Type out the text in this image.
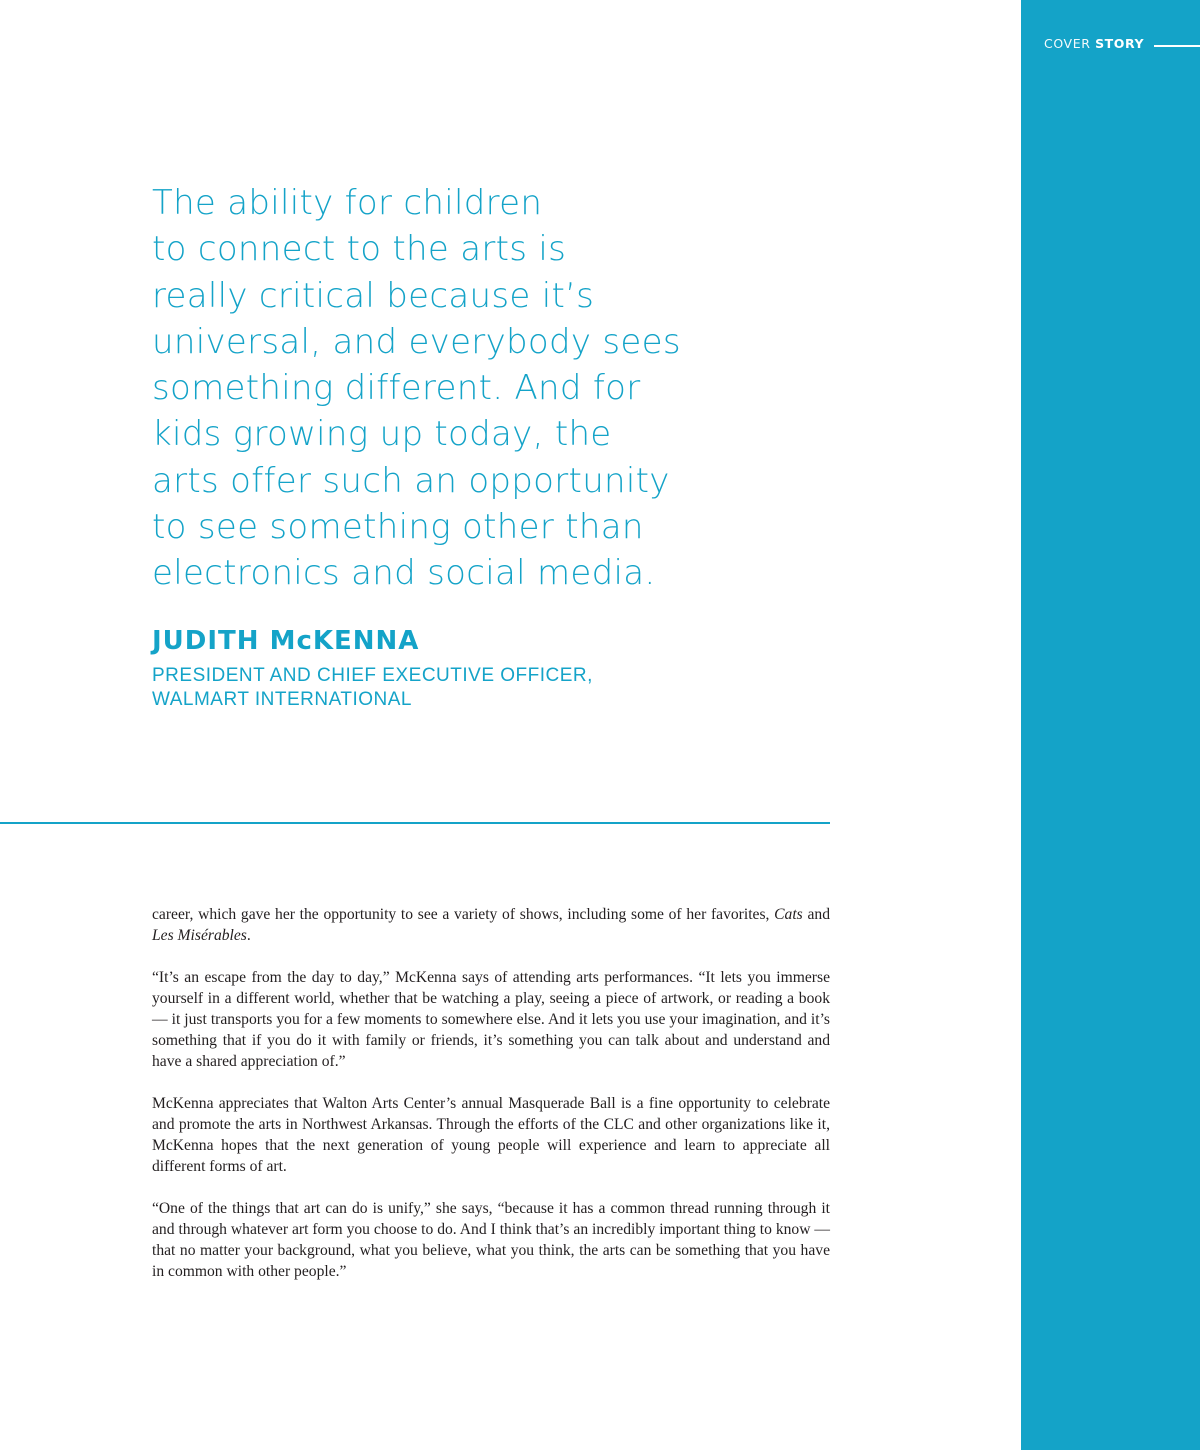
COVER STORY
The ability for children
to connect to the arts is
really critical because it’s
universal, and everybody sees
something different. And for
kids growing up today, the
arts offer such an opportunity
to see something other than
electronics and social media.
JUDITH McKENNA
PRESIDENT AND CHIEF EXECUTIVE OFFICER,
WALMART INTERNATIONAL

career, which gave her the opportunity to see a variety of shows, including some of her favorites, Cats and Les Misérables.

“It’s an escape from the day to day,” McKenna says of attending arts performances. “It lets you immerse yourself in a different world, whether that be watching a play, seeing a piece of artwork, or reading a book — it just transports you for a few moments to somewhere else. And it lets you use your imagination, and it’s something that if you do it with family or friends, it’s something you can talk about and understand and have a shared appreciation of.”

McKenna appreciates that Walton Arts Center’s annual Masquerade Ball is a fine opportunity to celebrate and promote the arts in Northwest Arkansas. Through the efforts of the CLC and other organizations like it, McKenna hopes that the next generation of young people will experience and learn to appreciate all different forms of art.

“One of the things that art can do is unify,” she says, “because it has a common thread running through it and through whatever art form you choose to do. And I think that’s an incredibly important thing to know — that no matter your background, what you believe, what you think, the arts can be something that you have in common with other people.”
